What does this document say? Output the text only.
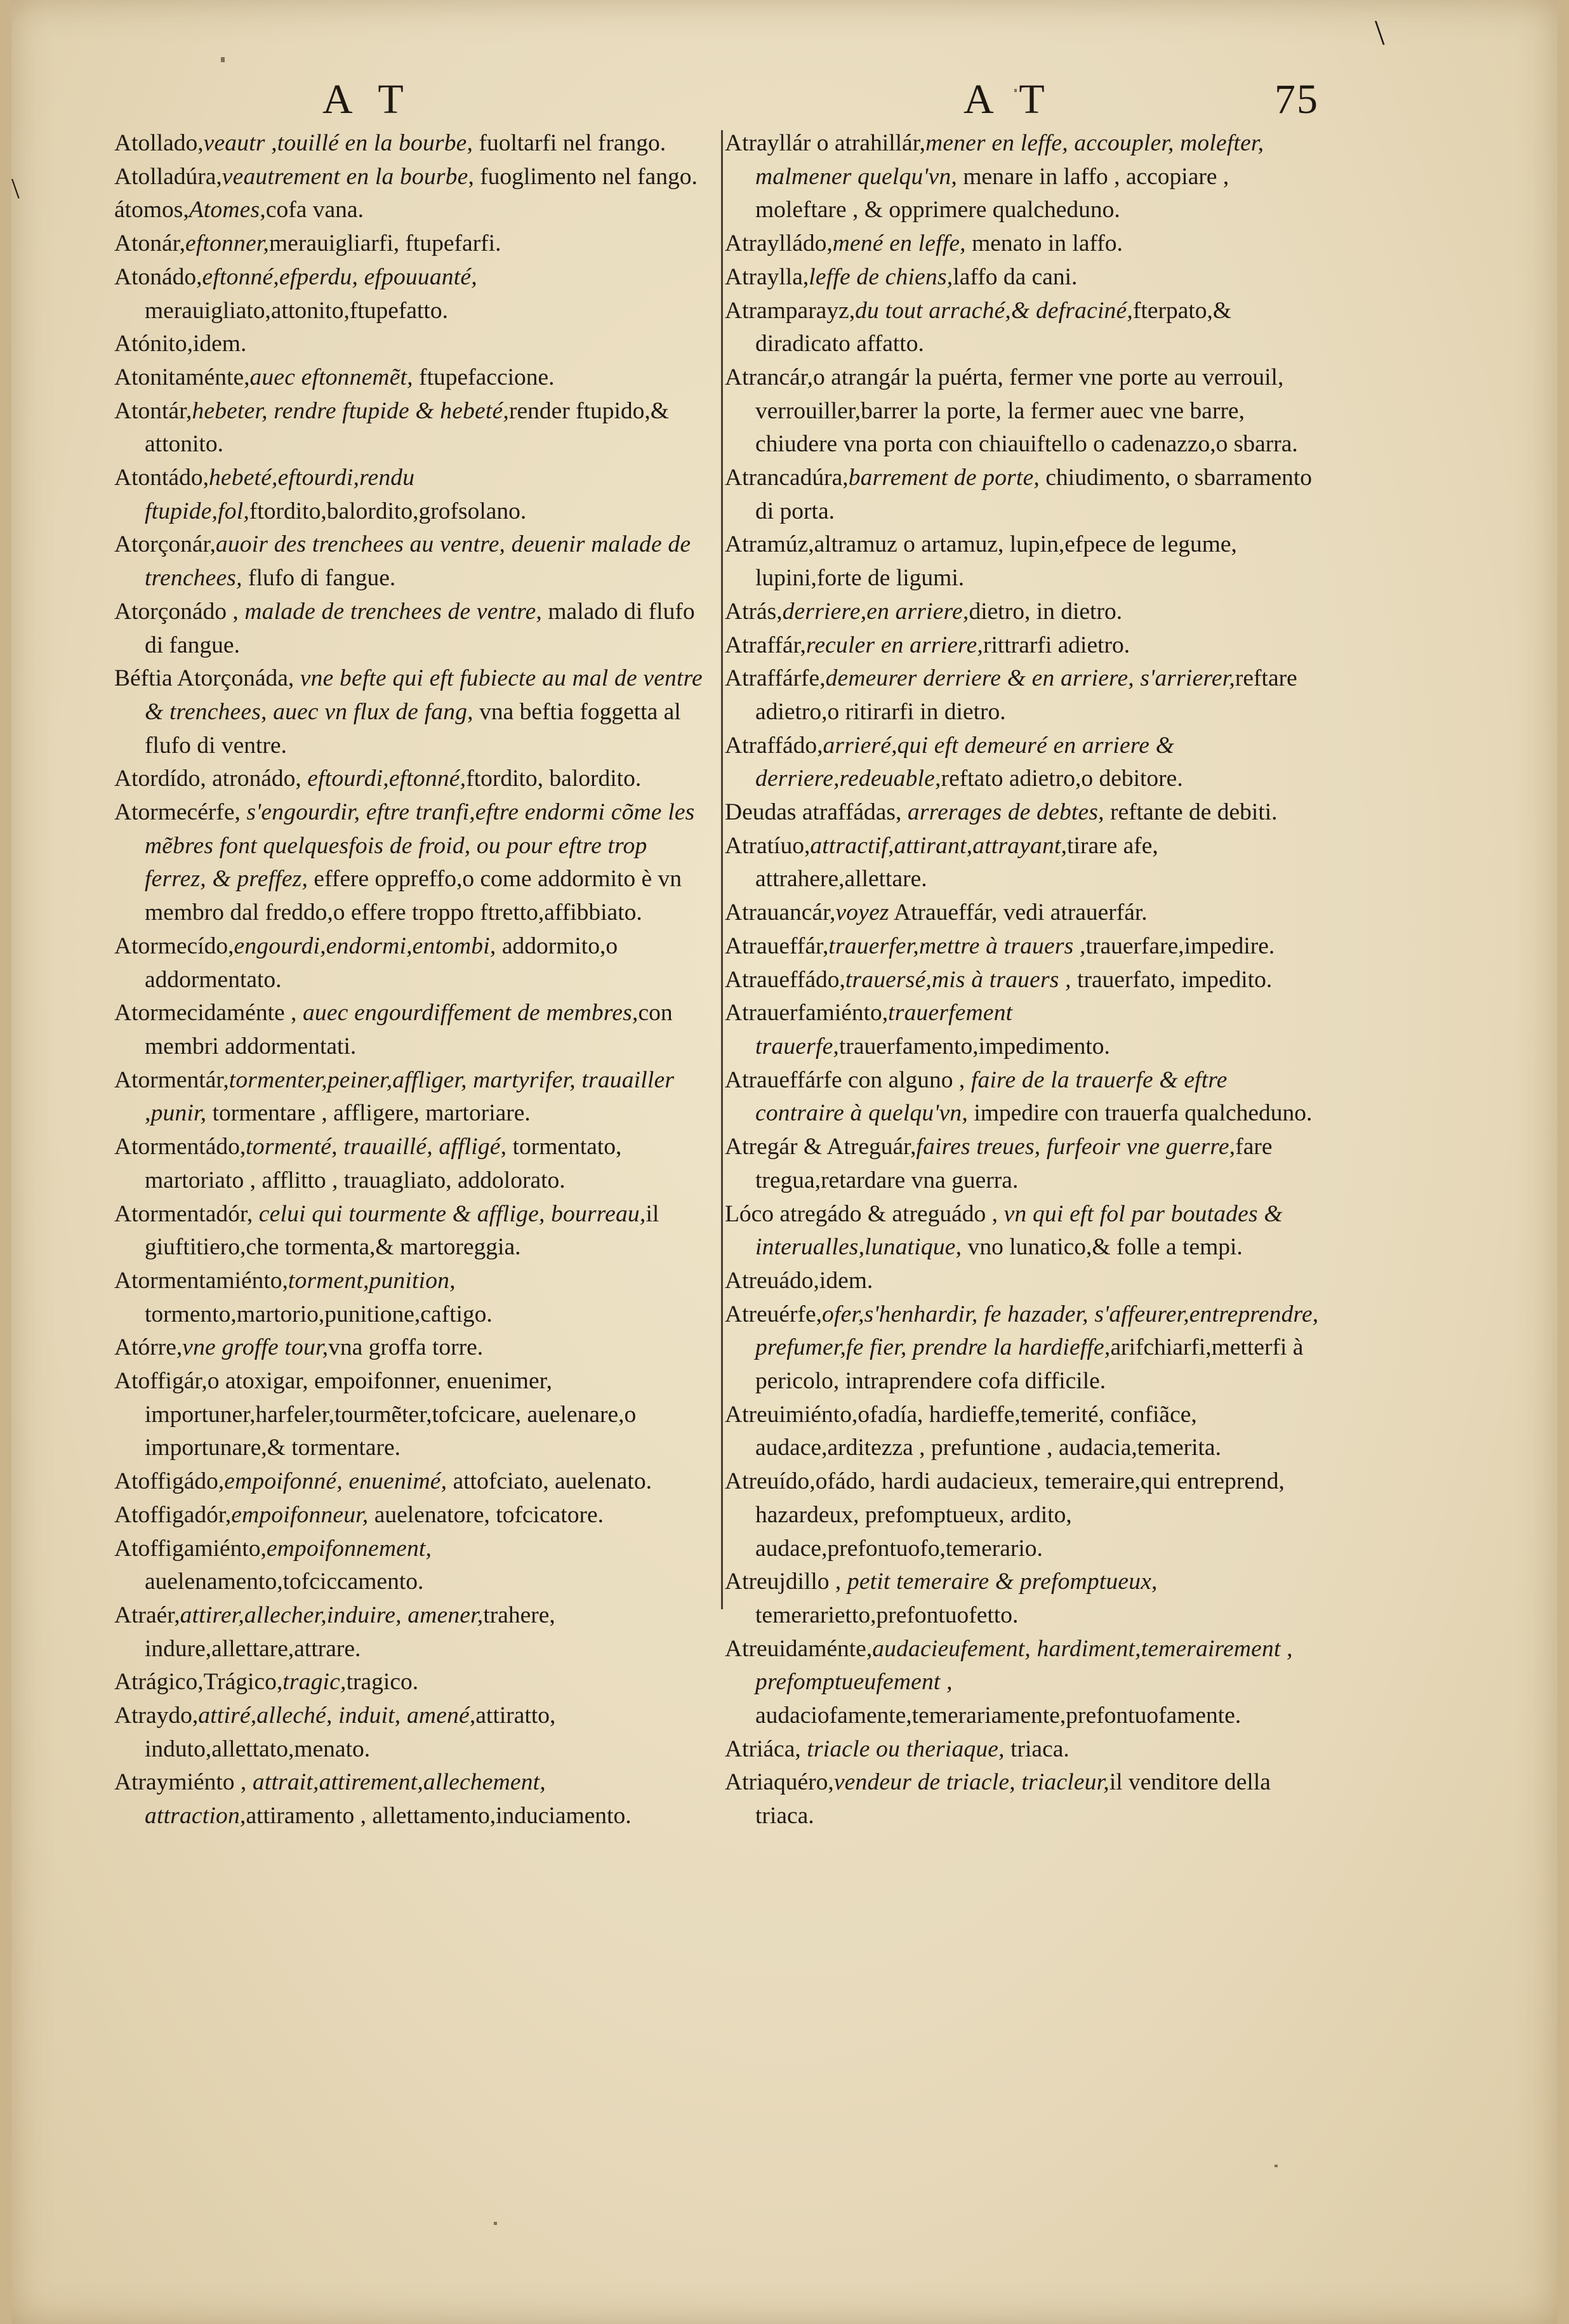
\
\
A T	A T	75

Atollado,veautr ,touillé en la bourbe, fuoltarfi nel frango.

Atolladúra,veautrement en la bourbe, fuoglimento nel fango.

átomos,Atomes,cofa vana.

Atonár,eftonner,merauigliarfi, ftupefarfi.

Atonádo,eftonné,efperdu, efpouuanté, merauigliato,attonito,ftupefatto.

Atónito,idem.

Atonitaménte,auec eftonnemẽt, ftupefaccione.

Atontár,hebeter, rendre ftupide & hebeté,render ftupido,& attonito.

Atontádo,hebeté,eftourdi,rendu ftupide,fol,ftordito,balordito,grofsolano.

Atorçonár,auoir des trenchees au ventre, deuenir malade de trenchees, flufo di fangue.

Atorçonádo , malade de trenchees de ventre, malado di flufo di fangue.

Béftia Atorçonáda, vne befte qui eft fubiecte au mal de ventre & trenchees, auec vn flux de fang, vna beftia foggetta al flufo di ventre.

Atordído, atronádo, eftourdi,eftonné,ftordito, balordito.

Atormecérfe, s'engourdir, eftre tranfi,eftre endormi cõme les mẽbres font quelquesfois de froid, ou pour eftre trop ferrez, & preffez, effere oppreffo,o come addormito è vn membro dal freddo,o effere troppo ftretto,affibbiato.

Atormecído,engourdi,endormi,entombi, addormito,o addormentato.

Atormecidaménte , auec engourdiffement de membres,con membri addormentati.

Atormentár,tormenter,peiner,affliger, martyrifer, trauailler ,punir, tormentare , affligere, martoriare.

Atormentádo,tormenté, trauaillé, affligé, tormentato, martoriato , afflitto , trauagliato, addolorato.

Atormentadór, celui qui tourmente & afflige, bourreau,il giuftitiero,che tormenta,& martoreggia.

Atormentamiénto,torment,punition, tormento,martorio,punitione,caftigo.

Atórre,vne groffe tour,vna groffa torre.

Atoffigár,o atoxigar, empoifonner, enuenimer, importuner,harfeler,tourmẽter,tofcicare, auelenare,o importunare,& tormentare.

Atoffigádo,empoifonné, enuenimé, attofciato, auelenato.

Atoffigadór,empoifonneur, auelenatore, tofcicatore.

Atoffigamiénto,empoifonnement, auelenamento,tofciccamento.

Atraér,attirer,allecher,induire, amener,trahere, indure,allettare,attrare.

Atrágico,Trágico,tragic,tragico.

Atraydo,attiré,alleché, induit, amené,attiratto, induto,allettato,menato.

Atraymiénto , attrait,attirement,allechement, attraction,attiramento , allettamento,induciamento.

Atrayllár o atrahillár,mener en leffe, accoupler, molefter, malmener quelqu'vn, menare in laffo , accopiare , moleftare , & opprimere qualcheduno.

Atraylládo,mené en leffe, menato in laffo.

Atraylla,leffe de chiens,laffo da cani.

Atramparayz,du tout arraché,& defraciné,fterpato,& diradicato affatto.

Atrancár,o atrangár la puérta, fermer vne porte au verrouil, verrouiller,barrer la porte, la fermer auec vne barre, chiudere vna porta con chiauiftello o cadenazzo,o sbarra.

Atrancadúra,barrement de porte, chiudimento, o sbarramento di porta.

Atramúz,altramuz o artamuz, lupin,efpece de legume, lupini,forte de ligumi.

Atrás,derriere,en arriere,dietro, in dietro.

Atraffár,reculer en arriere,rittrarfi adietro.

Atraffárfe,demeurer derriere & en arriere, s'arrierer,reftare adietro,o ritirarfi in dietro.

Atraffádo,arrieré,qui eft demeuré en arriere & derriere,redeuable,reftato adietro,o debitore.

Deudas atraffádas, arrerages de debtes, reftante de debiti.

Atratíuo,attractif,attirant,attrayant,tirare afe, attrahere,allettare.

Atrauancár,voyez Atraueffár, vedi atrauerfár.

Atraueffár,trauerfer,mettre à trauers ,trauerfare,impedire.

Atraueffádo,trauersé,mis à trauers , trauerfato, impedito.

Atrauerfamiénto,trauerfement trauerfe,trauerfamento,impedimento.

Atraueffárfe con alguno , faire de la trauerfe & eftre contraire à quelqu'vn, impedire con trauerfa qualcheduno.

Atregár & Atreguár,faires treues, furfeoir vne guerre,fare tregua,retardare vna guerra.

Lóco atregádo & atreguádo , vn qui eft fol par boutades & interualles,lunatique, vno lunatico,& folle a tempi.

Atreuádo,idem.

Atreuérfe,ofer,s'henhardir, fe hazader, s'affeurer,entreprendre, prefumer,fe fier, prendre la hardieffe,arifchiarfi,metterfi à pericolo, intraprendere cofa difficile.

Atreuimiénto,ofadía, hardieffe,temerité, confiãce, audace,arditezza , prefuntione , audacia,temerita.

Atreuído,ofádo, hardi audacieux, temeraire,qui entreprend, hazardeux, prefomptueux, ardito, audace,prefontuofo,temerario.

Atreujdillo , petit temeraire & prefomptueux, temerarietto,prefontuofetto.

Atreuidaménte,audacieufement, hardiment,temerairement , prefomptueufement , audaciofamente,temerariamente,prefontuofamente.

Atriáca, triacle ou theriaque, triaca.

Atriaquéro,vendeur de triacle, triacleur,il venditore della triaca.
